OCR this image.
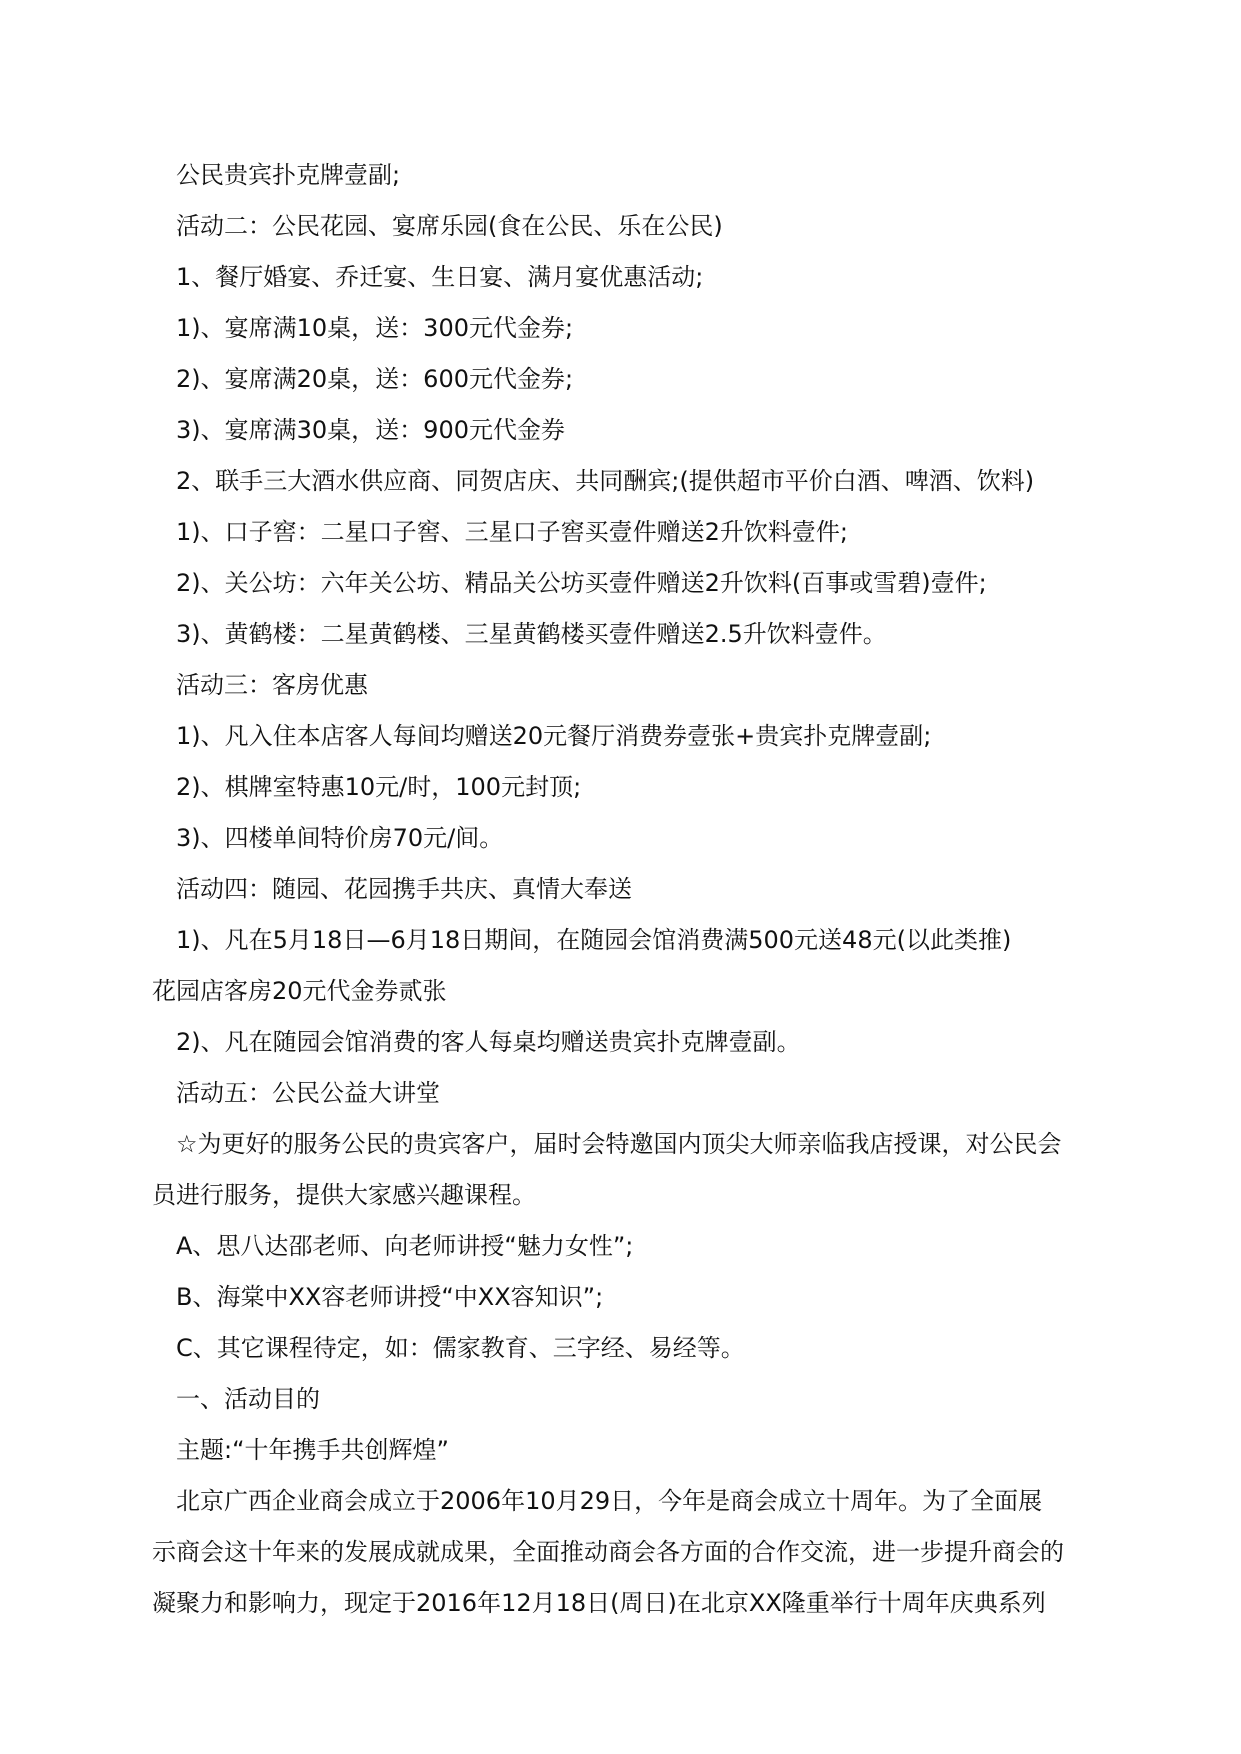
公民贵宾扑克牌壹副;
活动二：公民花园、宴席乐园(食在公民、乐在公民)
1、餐厅婚宴、乔迁宴、生日宴、满月宴优惠活动;
1)、宴席满10桌，送：300元代金券;
2)、宴席满20桌，送：600元代金券;
3)、宴席满30桌，送：900元代金券
2、联手三大酒水供应商、同贺店庆、共同酬宾;(提供超市平价白酒、啤酒、饮料)
1)、口子窖：二星口子窖、三星口子窖买壹件赠送2升饮料壹件;
2)、关公坊：六年关公坊、精品关公坊买壹件赠送2升饮料(百事或雪碧)壹件;
3)、黄鹤楼：二星黄鹤楼、三星黄鹤楼买壹件赠送2.5升饮料壹件。
活动三：客房优惠
1)、凡入住本店客人每间均赠送20元餐厅消费券壹张+贵宾扑克牌壹副;
2)、棋牌室特惠10元/时，100元封顶;
3)、四楼单间特价房70元/间。
活动四：随园、花园携手共庆、真情大奉送
1)、凡在5月18日—6月18日期间，在随园会馆消费满500元送48元(以此类推)
花园店客房20元代金券贰张
2)、凡在随园会馆消费的客人每桌均赠送贵宾扑克牌壹副。
活动五：公民公益大讲堂
☆为更好的服务公民的贵宾客户，届时会特邀国内顶尖大师亲临我店授课，对公民会
员进行服务，提供大家感兴趣课程。
A、思八达邵老师、向老师讲授“魅力女性”;
B、海棠中XX容老师讲授“中XX容知识”;
C、其它课程待定，如：儒家教育、三字经、易经等。
一、活动目的
主题:“十年携手共创辉煌”
北京广西企业商会成立于2006年10月29日，今年是商会成立十周年。为了全面展
示商会这十年来的发展成就成果，全面推动商会各方面的合作交流，进一步提升商会的
凝聚力和影响力，现定于2016年12月18日(周日)在北京XX隆重举行十周年庆典系列
